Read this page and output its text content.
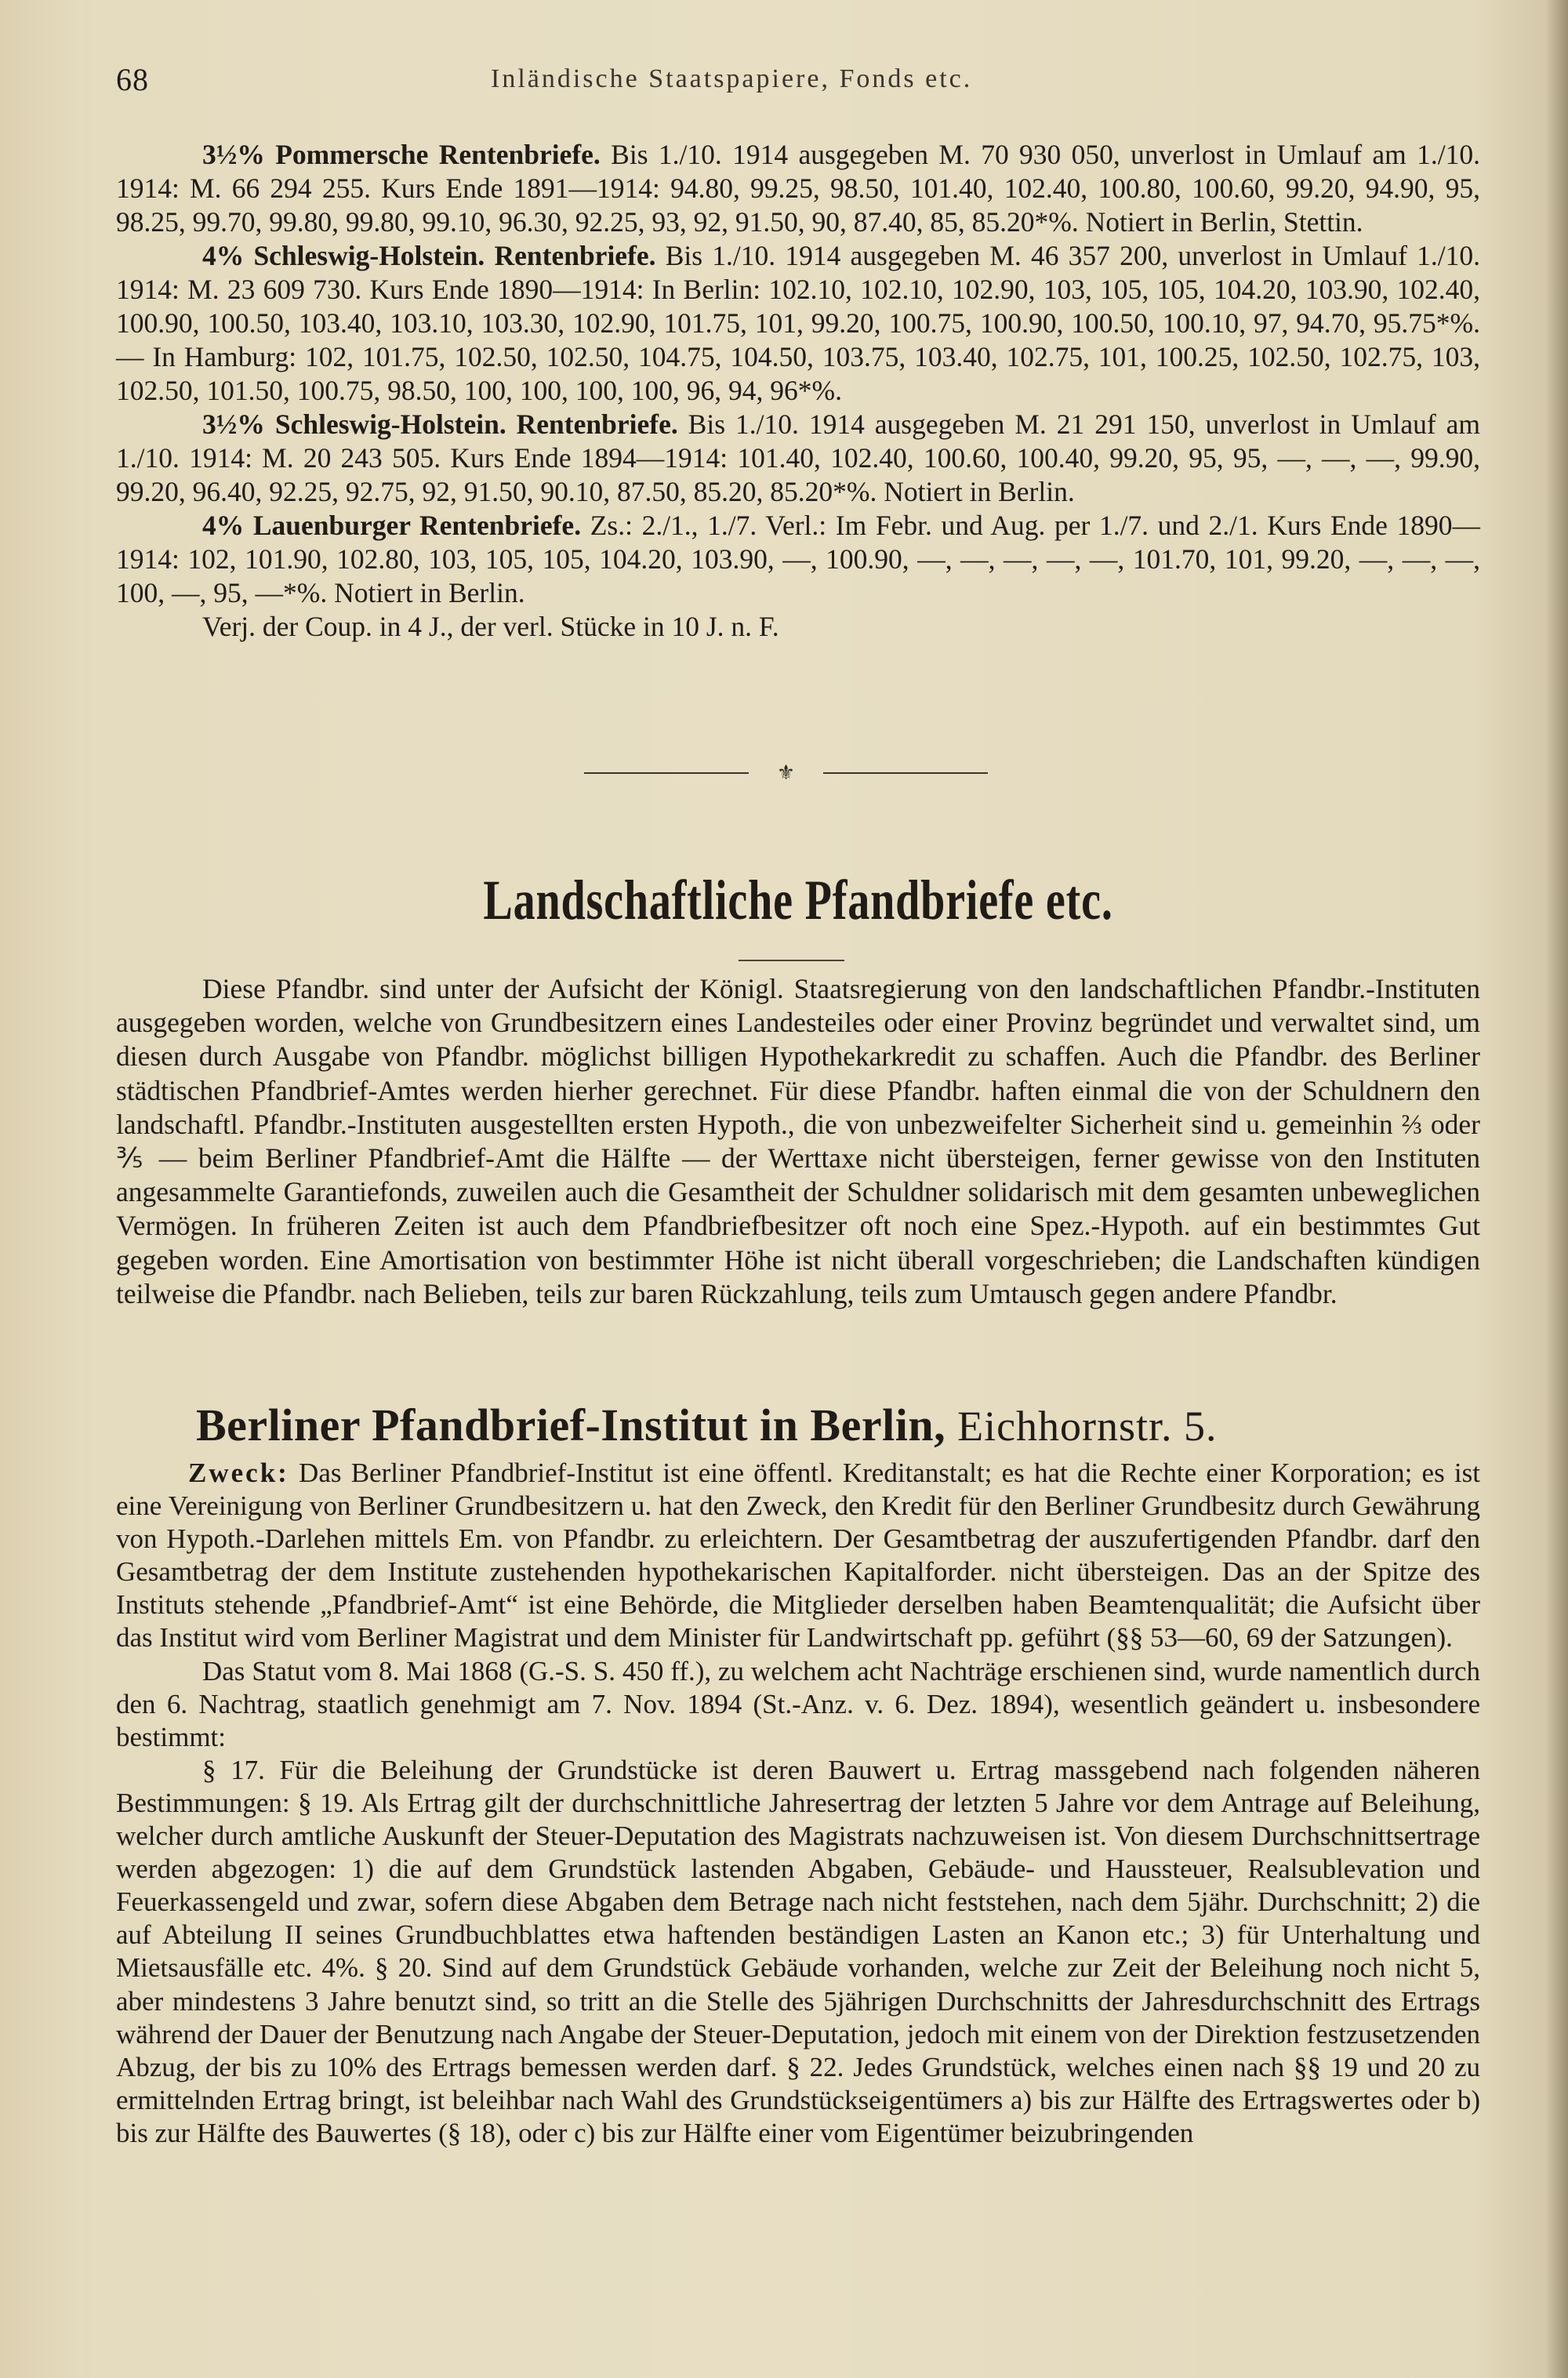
68	Inländische Staatspapiere, Fonds etc.

3½% Pommersche Rentenbriefe. Bis 1./10. 1914 ausgegeben M. 70 930 050, unverlost in Umlauf am 1./10. 1914: M. 66 294 255. Kurs Ende 1891—1914: 94.80, 99.25, 98.50, 101.40, 102.40, 100.80, 100.60, 99.20, 94.90, 95, 98.25, 99.70, 99.80, 99.80, 99.10, 96.30, 92.25, 93, 92, 91.50, 90, 87.40, 85, 85.20*%. Notiert in Berlin, Stettin.

4% Schleswig-Holstein. Rentenbriefe. Bis 1./10. 1914 ausgegeben M. 46 357 200, unverlost in Umlauf 1./10. 1914: M. 23 609 730. Kurs Ende 1890—1914: In Berlin: 102.10, 102.10, 102.90, 103, 105, 105, 104.20, 103.90, 102.40, 100.90, 100.50, 103.40, 103.10, 103.30, 102.90, 101.75, 101, 99.20, 100.75, 100.90, 100.50, 100.10, 97, 94.70, 95.75*%. — In Hamburg: 102, 101.75, 102.50, 102.50, 104.75, 104.50, 103.75, 103.40, 102.75, 101, 100.25, 102.50, 102.75, 103, 102.50, 101.50, 100.75, 98.50, 100, 100, 100, 100, 96, 94, 96*%.

3½% Schleswig-Holstein. Rentenbriefe. Bis 1./10. 1914 ausgegeben M. 21 291 150, unverlost in Umlauf am 1./10. 1914: M. 20 243 505. Kurs Ende 1894—1914: 101.40, 102.40, 100.60, 100.40, 99.20, 95, 95, —, —, —, 99.90, 99.20, 96.40, 92.25, 92.75, 92, 91.50, 90.10, 87.50, 85.20, 85.20*%. Notiert in Berlin.

4% Lauenburger Rentenbriefe. Zs.: 2./1., 1./7. Verl.: Im Febr. und Aug. per 1./7. und 2./1. Kurs Ende 1890—1914: 102, 101.90, 102.80, 103, 105, 105, 104.20, 103.90, —, 100.90, —, —, —, —, —, 101.70, 101, 99.20, —, —, —, 100, —, 95, —*%. Notiert in Berlin.

Verj. der Coup. in 4 J., der verl. Stücke in 10 J. n. F.

⚜
Landschaftliche Pfandbriefe etc.

Diese Pfandbr. sind unter der Aufsicht der Königl. Staatsregierung von den landschaftlichen Pfandbr.-Instituten ausgegeben worden, welche von Grundbesitzern eines Landesteiles oder einer Provinz begründet und verwaltet sind, um diesen durch Ausgabe von Pfandbr. möglichst billigen Hypothekarkredit zu schaffen. Auch die Pfandbr. des Berliner städtischen Pfandbrief-Amtes werden hierher gerechnet. Für diese Pfandbr. haften einmal die von der Schuldnern den landschaftl. Pfandbr.-Instituten ausgestellten ersten Hypoth., die von unbezweifelter Sicherheit sind u. gemeinhin ⅔ oder ⅗ — beim Berliner Pfandbrief-Amt die Hälfte — der Werttaxe nicht übersteigen, ferner gewisse von den Instituten angesammelte Garantiefonds, zuweilen auch die Gesamtheit der Schuldner solidarisch mit dem gesamten unbeweglichen Vermögen. In früheren Zeiten ist auch dem Pfandbriefbesitzer oft noch eine Spez.-Hypoth. auf ein bestimmtes Gut gegeben worden. Eine Amortisation von bestimmter Höhe ist nicht überall vorgeschrieben; die Landschaften kündigen teilweise die Pfandbr. nach Belieben, teils zur baren Rückzahlung, teils zum Umtausch gegen andere Pfandbr.

Berliner Pfandbrief-Institut in Berlin, Eichhornstr. 5.

Zweck: Das Berliner Pfandbrief-Institut ist eine öffentl. Kreditanstalt; es hat die Rechte einer Korporation; es ist eine Vereinigung von Berliner Grundbesitzern u. hat den Zweck, den Kredit für den Berliner Grundbesitz durch Gewährung von Hypoth.-Darlehen mittels Em. von Pfandbr. zu erleichtern. Der Gesamtbetrag der auszufertigenden Pfandbr. darf den Gesamtbetrag der dem Institute zustehenden hypothekarischen Kapitalforder. nicht übersteigen. Das an der Spitze des Instituts stehende „Pfandbrief-Amt“ ist eine Behörde, die Mitglieder derselben haben Beamtenqualität; die Aufsicht über das Institut wird vom Berliner Magistrat und dem Minister für Landwirtschaft pp. geführt (§§ 53—60, 69 der Satzungen).

Das Statut vom 8. Mai 1868 (G.-S. S. 450 ff.), zu welchem acht Nachträge erschienen sind, wurde namentlich durch den 6. Nachtrag, staatlich genehmigt am 7. Nov. 1894 (St.-Anz. v. 6. Dez. 1894), wesentlich geändert u. insbesondere bestimmt:

§ 17. Für die Beleihung der Grundstücke ist deren Bauwert u. Ertrag massgebend nach folgenden näheren Bestimmungen: § 19. Als Ertrag gilt der durchschnittliche Jahresertrag der letzten 5 Jahre vor dem Antrage auf Beleihung, welcher durch amtliche Auskunft der Steuer-Deputation des Magistrats nachzuweisen ist. Von diesem Durchschnittsertrage werden abgezogen: 1) die auf dem Grundstück lastenden Abgaben, Gebäude- und Haussteuer, Realsublevation und Feuerkassengeld und zwar, sofern diese Abgaben dem Betrage nach nicht feststehen, nach dem 5jähr. Durchschnitt; 2) die auf Abteilung II seines Grundbuchblattes etwa haftenden beständigen Lasten an Kanon etc.; 3) für Unterhaltung und Mietsausfälle etc. 4%. § 20. Sind auf dem Grundstück Gebäude vorhanden, welche zur Zeit der Beleihung noch nicht 5, aber mindestens 3 Jahre benutzt sind, so tritt an die Stelle des 5jährigen Durchschnitts der Jahresdurchschnitt des Ertrags während der Dauer der Benutzung nach Angabe der Steuer-Deputation, jedoch mit einem von der Direktion festzusetzenden Abzug, der bis zu 10% des Ertrags bemessen werden darf. § 22. Jedes Grundstück, welches einen nach §§ 19 und 20 zu ermittelnden Ertrag bringt, ist beleihbar nach Wahl des Grundstückseigentümers a) bis zur Hälfte des Ertragswertes oder b) bis zur Hälfte des Bauwertes (§ 18), oder c) bis zur Hälfte einer vom Eigentümer beizubringenden
